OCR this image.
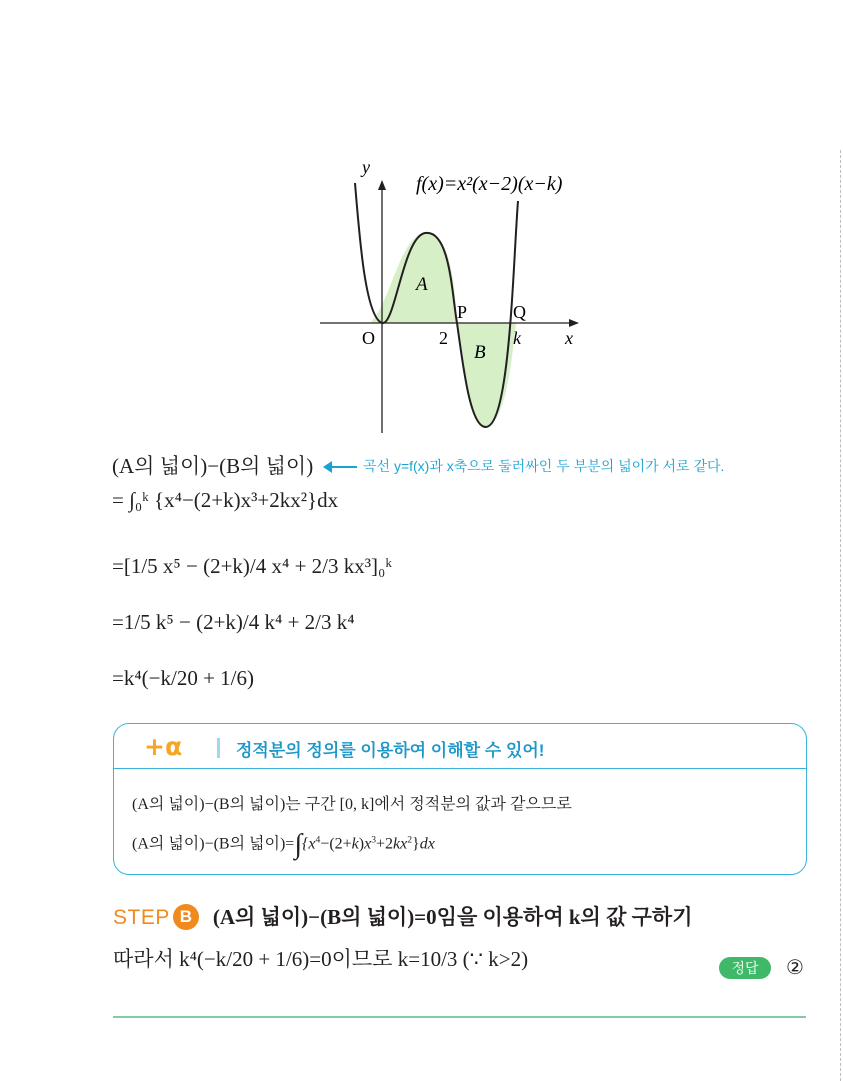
y
f(x)=x²(x−2)(x−k)
A
B
O	2
P	Q
k x
(A의 넓이)−(B의 넓이)	곡선 y=f(x)과 x축으로 둘러싸인 두 부분의 넓이가 서로 같다.
= ∫₀ᵏ {x⁴−(2+k)x³+2kx²}dx
=[1/5 x⁵ − (2+k)/4 x⁴ + 2/3 kx³]₀ᵏ
=1/5 k⁵ − (2+k)/4 k⁴ + 2/3 k⁴
=k⁴(−k/20 + 1/6)
+α	정적분의 정의를 이용하여 이해할 수 있어!
(A의 넓이)−(B의 넓이)는 구간 [0, k]에서 정적분의 값과 같으므로
(A의 넓이)−(B의 넓이)$=\int\{x^4-(2+k)x^3+2kx^2\}dx$
STEP B (A의 넓이)−(B의 넓이)=0임을 이용하여 k의 값 구하기
따라서 k⁴(−k/20 + 1/6)=0이므로 k=10/3 (∵ k>2)	정답	②
